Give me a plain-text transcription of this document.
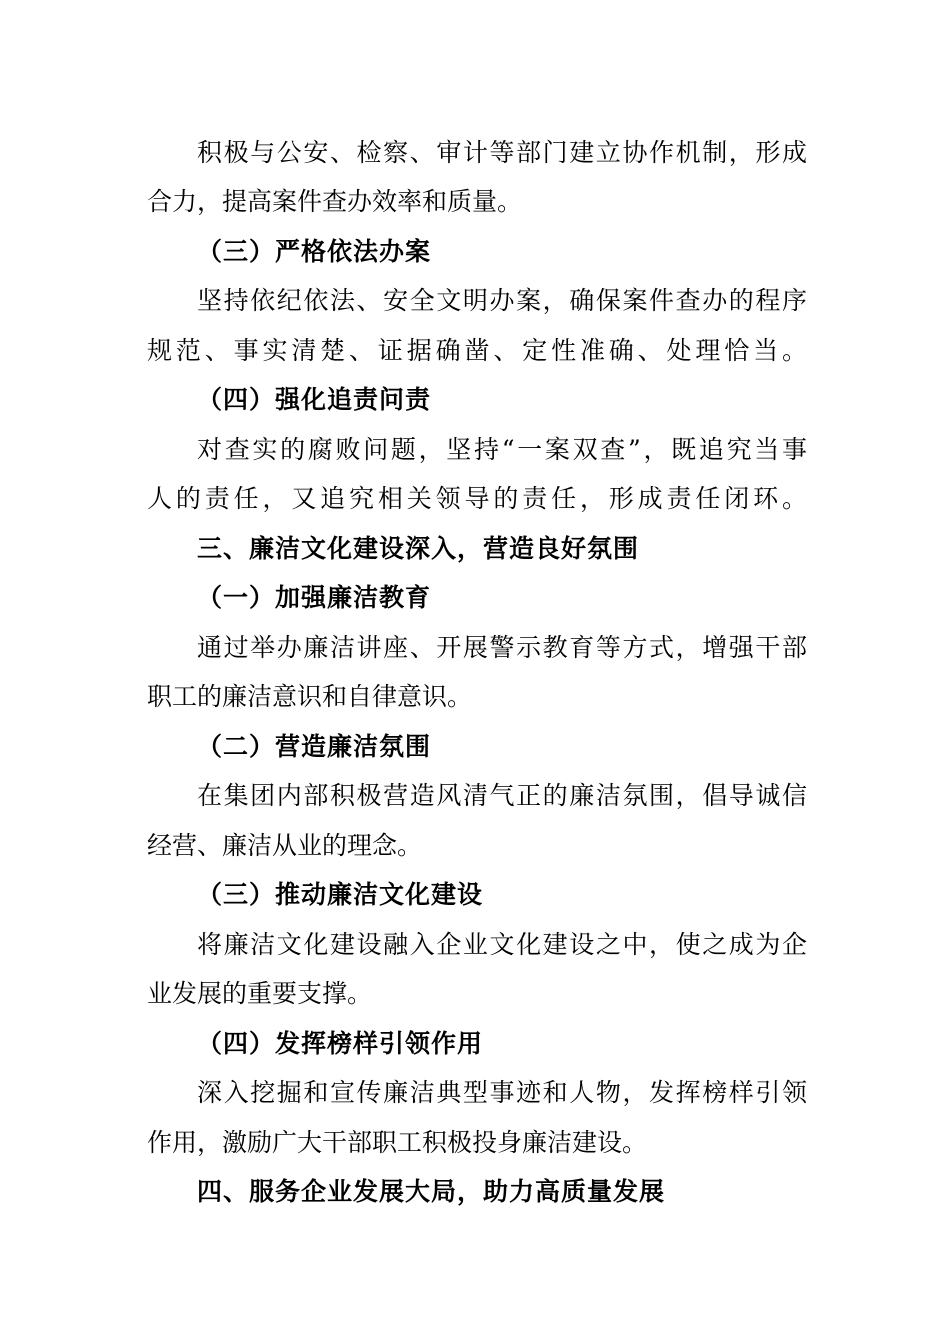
积极与公安、检察、审计等部门建立协作机制，形成
合力，提高案件查办效率和质量。
（三）严格依法办案
坚持依纪依法、安全文明办案，确保案件查办的程序
规范、事实清楚、证据确凿、定性准确、处理恰当。
（四）强化追责问责
对查实的腐败问题，坚持“一案双查”，既追究当事
人的责任，又追究相关领导的责任，形成责任闭环。
三、廉洁文化建设深入，营造良好氛围
（一）加强廉洁教育
通过举办廉洁讲座、开展警示教育等方式，增强干部
职工的廉洁意识和自律意识。
（二）营造廉洁氛围
在集团内部积极营造风清气正的廉洁氛围，倡导诚信
经营、廉洁从业的理念。
（三）推动廉洁文化建设
将廉洁文化建设融入企业文化建设之中，使之成为企
业发展的重要支撑。
（四）发挥榜样引领作用
深入挖掘和宣传廉洁典型事迹和人物，发挥榜样引领
作用，激励广大干部职工积极投身廉洁建设。
四、服务企业发展大局，助力高质量发展
